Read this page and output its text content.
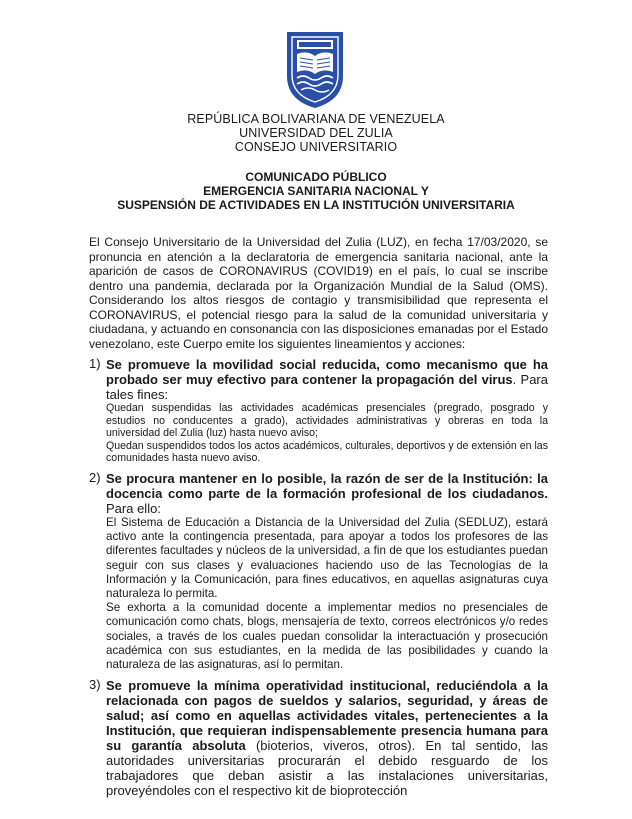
REPÚBLICA BOLIVARIANA DE VENEZUELA
UNIVERSIDAD DEL ZULIA
CONSEJO UNIVERSITARIO
COMUNICADO PÚBLICO
EMERGENCIA SANITARIA NACIONAL Y
SUSPENSIÓN DE ACTIVIDADES EN LA INSTITUCIÓN UNIVERSITARIA

El Consejo Universitario de la Universidad del Zulia (LUZ), en fecha 17/03/2020, se pronuncia en atención a la declaratoria de emergencia sanitaria nacional, ante la aparición de casos de CORONAVIRUS (COVID19) en el país, lo cual se inscribe dentro una pandemia, declarada por la Organización Mundial de la Salud (OMS). Considerando los altos riesgos de contagio y transmisibilidad que representa el CORONAVIRUS, el potencial riesgo para la salud de la comunidad universitaria y ciudadana, y actuando en consonancia con las disposiciones emanadas por el Estado venezolano, este Cuerpo emite los siguientes lineamientos y acciones:

1) Se promueve la movilidad social reducida, como mecanismo que ha probado ser muy efectivo para contener la propagación del virus. Para tales fines:

Quedan suspendidas las actividades académicas presenciales (pregrado, posgrado y estudios no conducentes a grado), actividades administrativas y obreras en toda la universidad del Zulia (luz) hasta nuevo aviso;

Quedan suspendidos todos los actos académicos, culturales, deportivos y de extensión en las comunidades hasta nuevo aviso.

2) Se procura mantener en lo posible, la razón de ser de la Institución: la docencia como parte de la formación profesional de los ciudadanos. Para ello:

El Sistema de Educación a Distancia de la Universidad del Zulia (SEDLUZ), estará activo ante la contingencia presentada, para apoyar a todos los profesores de las diferentes facultades y núcleos de la universidad, a fin de que los estudiantes puedan seguir con sus clases y evaluaciones haciendo uso de las Tecnologías de la Información y la Comunicación, para fines educativos, en aquellas asignaturas cuya naturaleza lo permita.

Se exhorta a la comunidad docente a implementar medios no presenciales de comunicación como chats, blogs, mensajería de texto, correos electrónicos y/o redes sociales, a través de los cuales puedan consolidar la interactuación y prosecución académica con sus estudiantes, en la medida de las posibilidades y cuando la naturaleza de las asignaturas, así lo permitan.

3) Se promueve la mínima operatividad institucional, reduciéndola a la relacionada con pagos de sueldos y salarios, seguridad, y áreas de salud; así como en aquellas actividades vitales, pertenecientes a la Institución, que requieran indispensablemente presencia humana para su garantía absoluta (bioterios, viveros, otros). En tal sentido, las autoridades universitarias procurarán el debido resguardo de los trabajadores que deban asistir a las instalaciones universitarias, proveyéndoles con el respectivo kit de bioprotección
